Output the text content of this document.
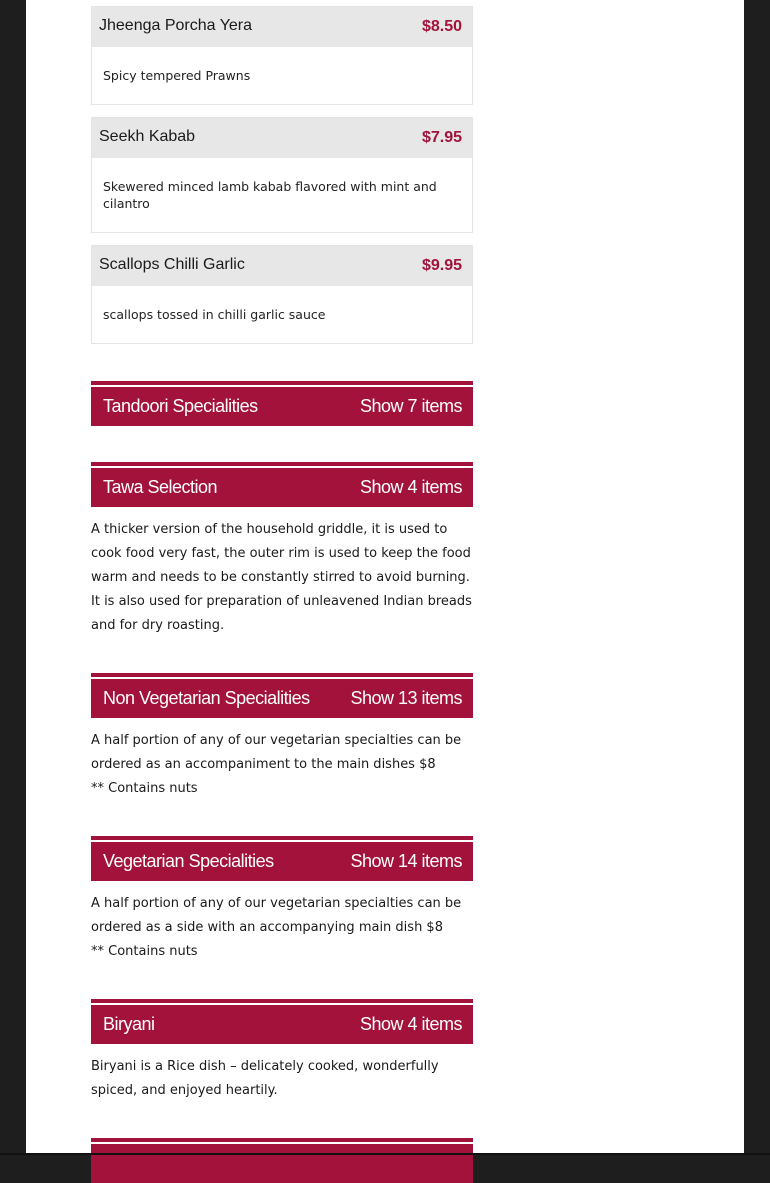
Jheenga Porcha Yera	$8.50
Spicy tempered Prawns
Seekh Kabab	$7.95
Skewered minced lamb kabab flavored with mint and cilantro
Scallops Chilli Garlic	$9.95
scallops tossed in chilli garlic sauce
Tandoori Specialities	Show 7 items
Tawa Selection	Show 4 items

A thicker version of the household griddle, it is used to cook food very fast, the outer rim is used to keep the food warm and needs to be constantly stirred to avoid burning. It is also used for preparation of unleavened Indian breads and for dry roasting.

Non Vegetarian Specialities Show 13 items

A half portion of any of our vegetarian specialties can be ordered as an accompaniment to the main dishes $8

** Contains nuts

Vegetarian Specialities	Show 14 items

A half portion of any of our vegetarian specialties can be ordered as a side with an accompanying main dish $8

** Contains nuts

Biryani	Show 4 items

Biryani is a Rice dish – delicately cooked, wonderfully spiced, and enjoyed heartily.
